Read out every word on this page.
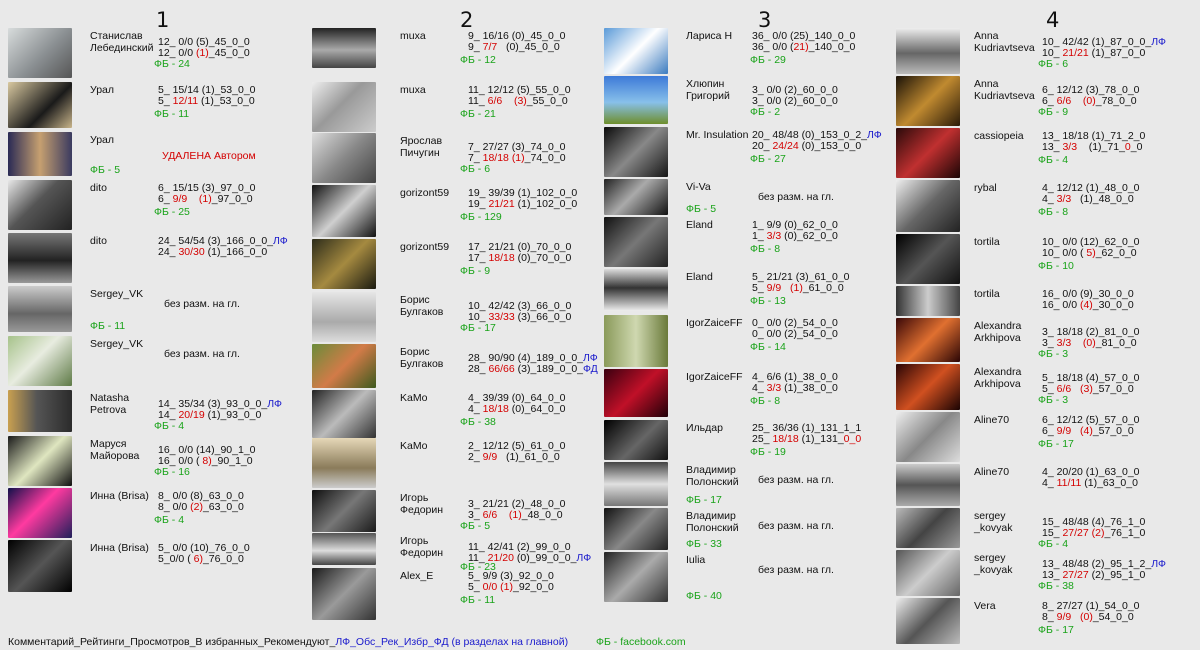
1
Станислав
Лебединский 12_ 0/0 (5)_45_0_0
12_ 0/0 (1)_45_0_0
ФБ - 24
Урал	5_ 15/14 (1)_53_0_0
5_ 12/11 (1)_53_0_0
ФБ - 11
Урал
УДАЛЕНА Автором
ФБ - 5
dito	6_ 15/15 (3)_97_0_0
6_ 9/9 (1)_97_0_0
ФБ - 25
dito	24_ 54/54 (3)_166_0_0_ЛФ
24_ 30/30 (1)_166_0_0
Sergey_VK
без разм. на гл.
ФБ - 11
Sergey_VK
без разм. на гл.
Natasha
Petrova	14_ 35/34 (3)_93_0_0_ЛФ
14_ 20/19 (1)_93_0_0
ФБ - 4
Маруся
Майорова 16_ 0/0 (14)_90_1_0
16_ 0/0 ( 8)_90_1_0
ФБ - 16
Инна (Brisa) 8_ 0/0 (8)_63_0_0
8_ 0/0 (2)_63_0_0
ФБ - 4
Инна (Brisa) 5_ 0/0 (10)_76_0_0
5_0/0 ( 6)_76_0_0
2
muxa	9_ 16/16 (0)_45_0_0
9_ 7/7   (0)_45_0_0
ФБ - 12
muxa	11_ 12/12 (5)_55_0_0
11_ 6/6 (3)_55_0_0
ФБ - 21
Ярослав
Пичугин	7_ 27/27 (3)_74_0_0
7_ 18/18 (1)_74_0_0
ФБ - 6
gorizont59 19_ 39/39 (1)_102_0_0
19_ 21/21 (1)_102_0_0
ФБ - 129
gorizont59 17_ 21/21 (0)_70_0_0
17_ 18/18 (0)_70_0_0
ФБ - 9
Борис
Булгаков 10_ 42/42 (3)_66_0_0
10_ 33/33 (3)_66_0_0
ФБ - 17
Борис
Булгаков 28_ 90/90 (4)_189_0_0_ЛФ
28_ 66/66 (3)_189_0_0_ФД
KaMo	4_ 39/39 (0)_64_0_0
4_ 18/18 (0)_64_0_0
ФБ - 38
KaMo	2_ 12/12 (5)_61_0_0
2_ 9/9   (1)_61_0_0
Игорь
Федорин 3_ 21/21 (2)_48_0_0
3_ 6/6 (1)_48_0_0
ФБ - 5
Игорь
Федорин 11_ 42/41 (2)_99_0_0
11_ 21/20 (0)_99_0_0_ЛФ
ФБ - 23
Alex_E	5_ 9/9 (3)_92_0_0
5_ 0/0 (1)_92_0_0
ФБ - 11
3
Лариса Н 36_ 0/0 (25)_140_0_0
36_ 0/0 (21)_140_0_0
ФБ - 29
Хлюпин
Григорий 3_ 0/0 (2)_60_0_0
3_ 0/0 (2)_60_0_0
ФБ - 2
Mr. Insulation 20_ 48/48 (0)_153_0_2_ЛФ
20_ 24/24 (0)_153_0_0
ФБ - 27
Vi-Va
без разм. на гл.
ФБ - 5
Eland	1_ 9/9 (0)_62_0_0
1_ 3/3 (0)_62_0_0
ФБ - 8
Eland	5_ 21/21 (3)_61_0_0
5_ 9/9 (1)_61_0_0
ФБ - 13
IgorZaiceFF 0_ 0/0 (2)_54_0_0
0_ 0/0 (2)_54_0_0
ФБ - 14
IgorZaiceFF 4_ 6/6 (1)_38_0_0
4_ 3/3 (1)_38_0_0
ФБ - 8
Ильдар	25_ 36/36 (1)_131_1_1
25_ 18/18 (1)_131_0_0
ФБ - 19
Владимир
Полонский без разм. на гл.
ФБ - 17
Владимир
Полонский без разм. на гл.
ФБ - 33
Iulia
без разм. на гл.
ФБ - 40
4
Anna
Kudriavtseva 10_ 42/42 (1)_87_0_0_ЛФ
10_ 21/21 (1)_87_0_0
ФБ - 6
Anna
Kudriavtseva 6_ 12/12 (3)_78_0_0
6_ 6/6 (0)_78_0_0
ФБ - 9
cassiopeia 13_ 18/18 (1)_71_2_0
13_ 3/3    (1)_71_0_0
ФБ - 4
rybal	4_ 12/12 (1)_48_0_0
4_ 3/3   (1)_48_0_0
ФБ - 8
tortila	10_ 0/0 (12)_62_0_0
10_ 0/0 ( 5)_62_0_0
ФБ - 10
tortila	16_ 0/0 (9)_30_0_0
16_ 0/0 (4)_30_0_0
Alexandra
Arkhipova 3_ 18/18 (2)_81_0_0
3_ 3/3 (0)_81_0_0
ФБ - 3
Alexandra
Arkhipova 5_ 18/18 (4)_57_0_0
5_ 6/6 (3)_57_0_0
ФБ - 3
Aline70	6_ 12/12 (5)_57_0_0
6_ 9/9 (4)_57_0_0
ФБ - 17
Aline70	4_ 20/20 (1)_63_0_0
4_ 11/11 (1)_63_0_0
sergey
_kovyak	15_ 48/48 (4)_76_1_0
15_ 27/27 (2)_76_1_0
ФБ - 4
sergey
_kovyak	13_ 48/48 (2)_95_1_2_ЛФ
13_ 27/27 (2)_95_1_0
ФБ - 38
Vera	8_ 27/27 (1)_54_0_0
8_ 9/9 (0)_54_0_0
ФБ - 17
Комментарий_Рейтинги_Просмотров_В избранных_Рекомендуют_ЛФ_Обс_Рек_Избр_ФД (в разделах на главной)	ФБ - facebook.com
